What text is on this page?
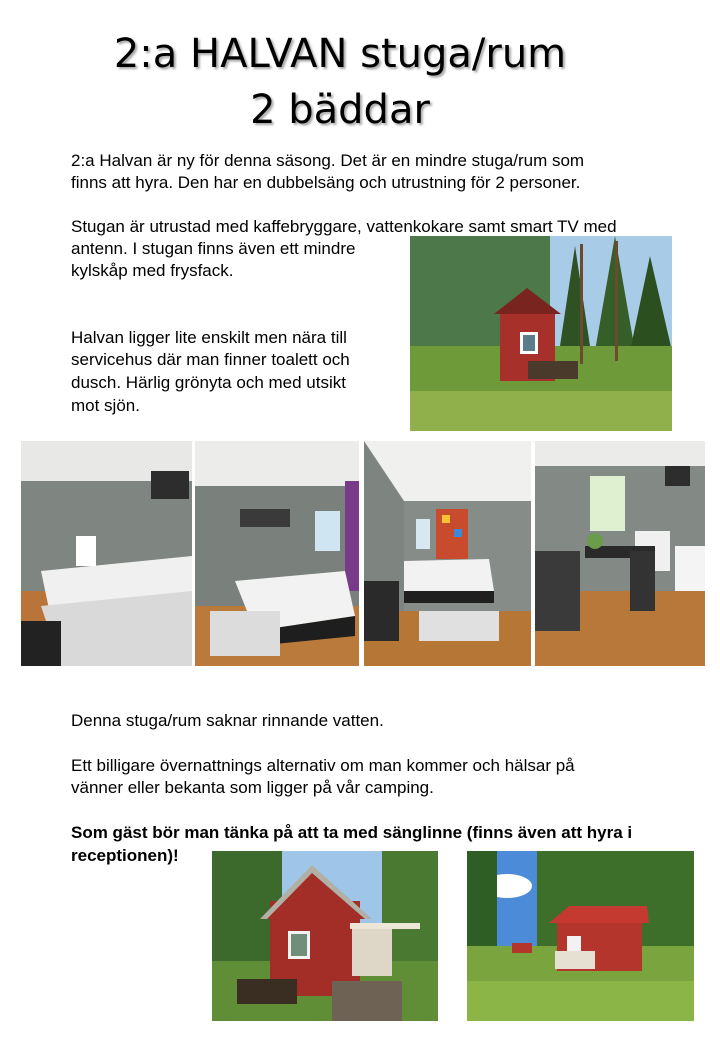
2:a HALVAN stuga/rum
2 bäddar

2:a Halvan är ny för denna säsong. Det är en mindre stuga/rum som

finns att hyra. Den har en dubbelsäng och utrustning för 2 personer.

Stugan är utrustad med kaffebryggare, vattenkokare samt smart TV med

antenn. I stugan finns även ett mindre

kylskåp med frysfack.

Halvan ligger lite enskilt men nära till

servicehus där man finner toalett och

dusch. Härlig grönyta och med utsikt

mot sjön.

Denna stuga/rum saknar rinnande vatten.

Ett billigare övernattnings alternativ om man kommer och hälsar på

vänner eller bekanta som ligger på vår camping.

Som gäst bör man tänka på att ta med sänglinne (finns även att hyra i

receptionen)!
